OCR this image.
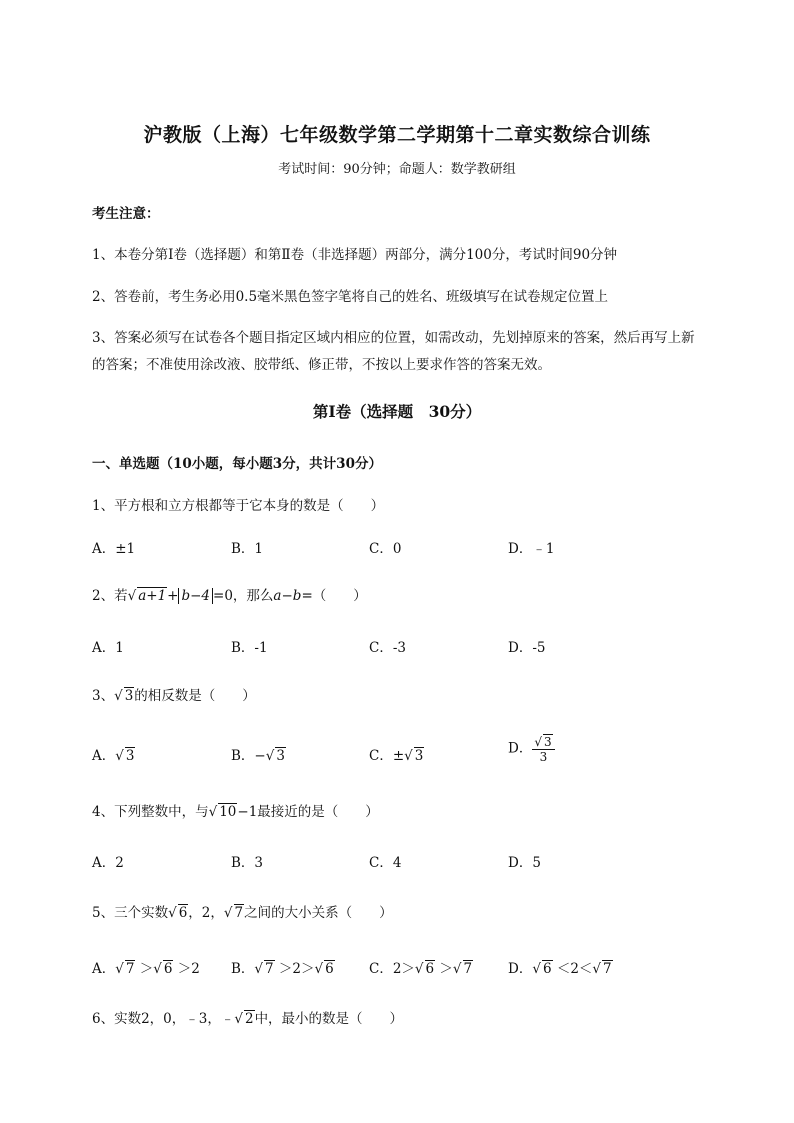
沪教版（上海）七年级数学第二学期第十二章实数综合训练
考试时间：90分钟；命题人：数学教研组
考生注意：
1、本卷分第I卷（选择题）和第Ⅱ卷（非选择题）两部分，满分100分，考试时间90分钟
2、答卷前，考生务必用0.5毫米黑色签字笔将自己的姓名、班级填写在试卷规定位置上
3、答案必须写在试卷各个题目指定区域内相应的位置，如需改动，先划掉原来的答案，然后再写上新
的答案；不准使用涂改液、胶带纸、修正带，不按以上要求作答的答案无效。
第I卷（选择题　30分）
一、单选题（10小题，每小题3分，共计30分）
1、平方根和立方根都等于它本身的数是（　　）
A．±1	B．1	C．0	D．﹣1
2、若√ a+1+ b−4 =0，那么a−b=（　　）
A．1	B．-1	C．-3	D．-5
3、√ 3的相反数是（　　）
A．√ 3	B．−√ 3	C．±√ 3	D． $\frac{√ 3}{3}$
4、下列整数中，与√ 10−1最接近的是（　　）
A．2	B．3	C．4	D．5
5、三个实数√ 6，2，√ 7之间的大小关系（　　）
A．√ 7 ＞√ 6 ＞2 B．√ 7 ＞2＞√ 6	C．2＞√ 6 ＞√ 7	D．√ 6 ＜2＜√ 7
6、实数2，0，﹣3，﹣√ 2中，最小的数是（　　）
